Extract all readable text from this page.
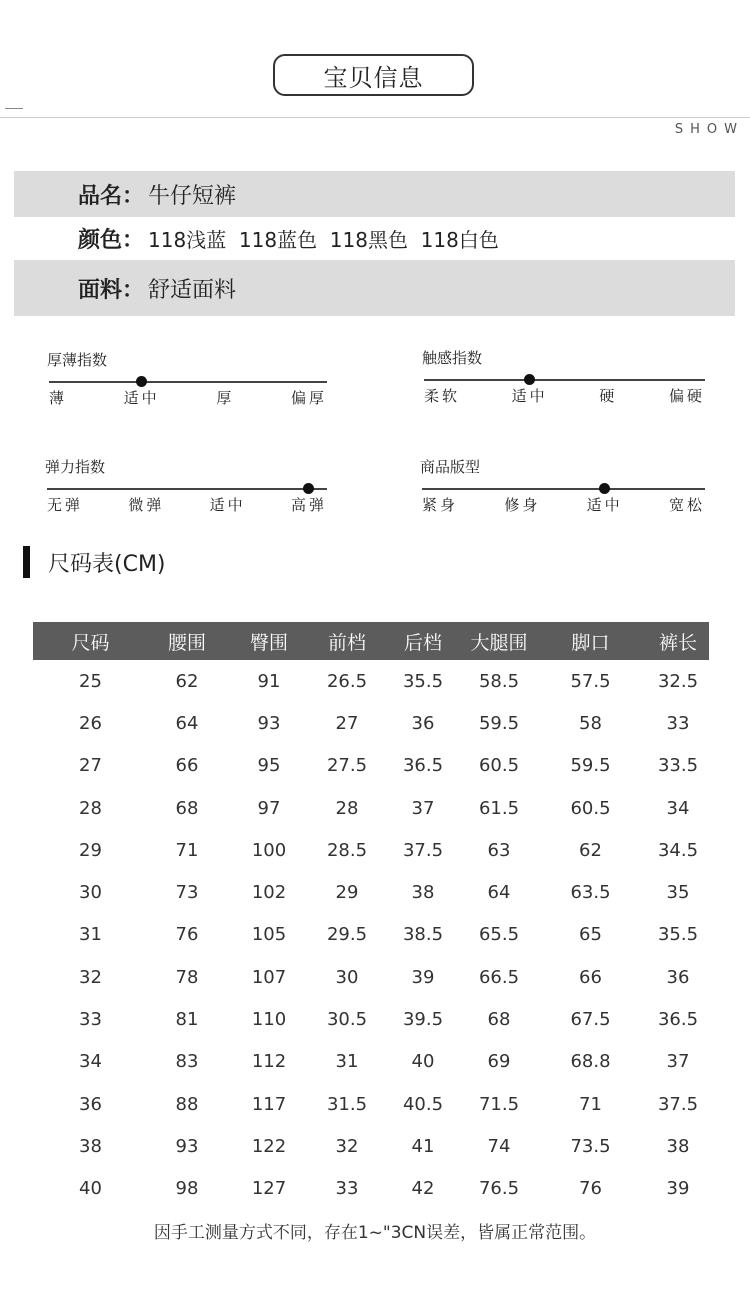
宝贝信息
SHOW
品名： 牛仔短裤
颜色： 118浅蓝  118蓝色  118黑色  118白色
面料： 舒适面料
厚薄指数
薄	适中	厚	偏厚
触感指数
柔软	适中	硬	偏硬
弹力指数
无弹	微弹	适中	高弹
商品版型
紧身	修身	适中	宽松
尺码表(CM)
尺码	腰围	臀围	前档	后档	大腿围	脚口	裤长
25	62	91	26.5	35.5	58.5	57.5	32.5
26	64	93	27	36	59.5	58	33
27	66	95	27.5	36.5	60.5	59.5	33.5
28	68	97	28	37	61.5	60.5	34
29	71	100	28.5	37.5	63	62	34.5
30	73	102	29	38	64	63.5	35
31	76	105	29.5	38.5	65.5	65	35.5
32	78	107	30	39	66.5	66	36
33	81	110	30.5	39.5	68	67.5	36.5
34	83	112	31	40	69	68.8	37
36	88	117	31.5	40.5	71.5	71	37.5
38	93	122	32	41	74	73.5	38
40	98	127	33	42	76.5	76	39
因手工测量方式不同，存在1~"3CN误差，皆属正常范围。
